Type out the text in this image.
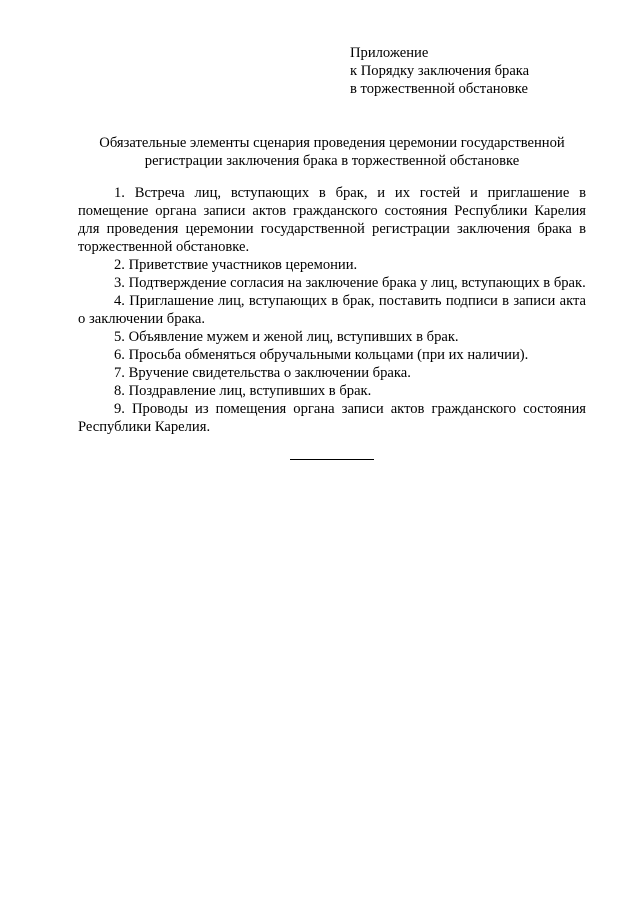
Приложение
к Порядку заключения брака
в торжественной обстановке
Обязательные элементы сценария проведения церемонии государственной
регистрации заключения брака в торжественной обстановке

1. Встреча лиц, вступающих в брак, и их гостей и приглашение в помещение органа записи актов гражданского состояния Республики Карелия для проведения церемонии государственной регистрации заключения брака в торжественной обстановке.

2. Приветствие участников церемонии.

3. Подтверждение согласия на заключение брака у лиц, вступающих в брак.

4. Приглашение лиц, вступающих в брак, поставить подписи в записи акта о заключении брака.

5. Объявление мужем и женой лиц, вступивших в брак.

6. Просьба обменяться обручальными кольцами (при их наличии).

7. Вручение свидетельства о заключении брака.

8. Поздравление лиц, вступивших в брак.

9. Проводы из помещения органа записи актов гражданского состояния Республики Карелия.
